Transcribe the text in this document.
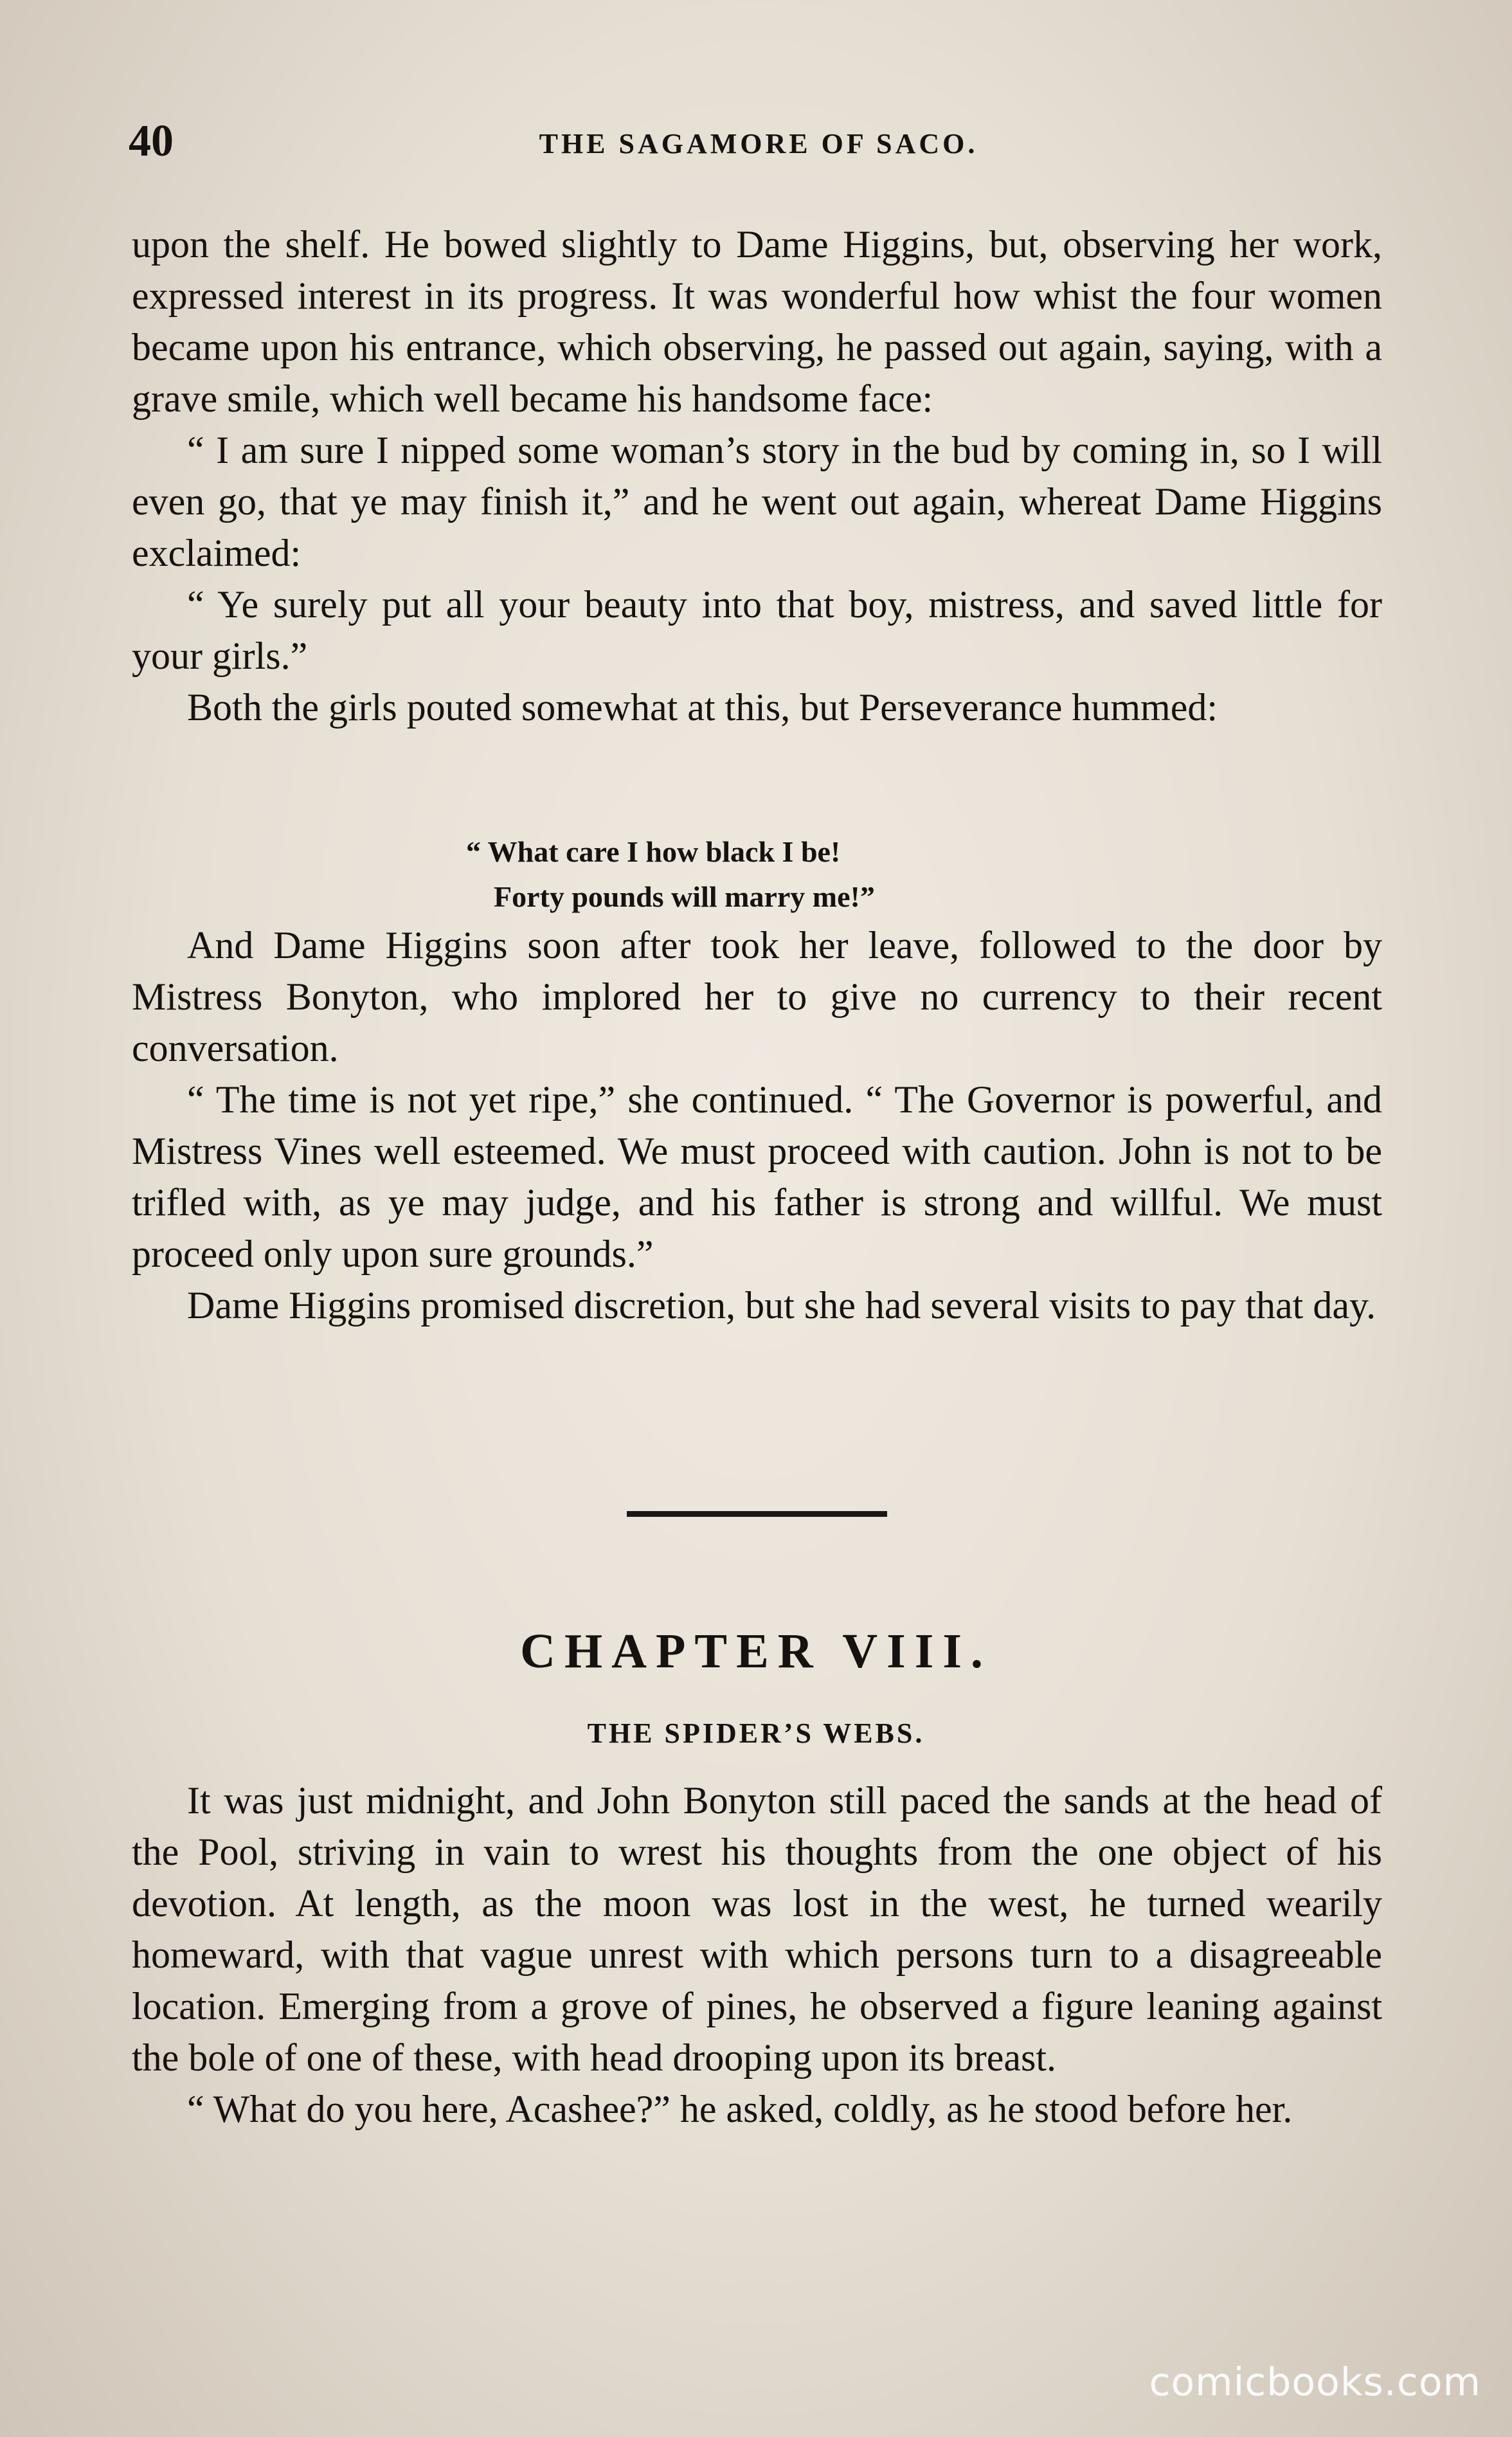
40	THE SAGAMORE OF SACO.

upon the shelf. He bowed slightly to Dame Higgins, but, observing her work, expressed interest in its progress. It was wonderful how whist the four women became upon his entrance, which observing, he passed out again, saying, with a grave smile, which well became his handsome face:

“ I am sure I nipped some woman’s story in the bud by coming in, so I will even go, that ye may finish it,” and he went out again, whereat Dame Higgins exclaimed:

“ Ye surely put all your beauty into that boy, mistress, and saved little for your girls.”

Both the girls pouted somewhat at this, but Perseverance hummed:

“ What care I how black I be!
Forty pounds will marry me!”

And Dame Higgins soon after took her leave, followed to the door by Mistress Bonyton, who implored her to give no currency to their recent conversation.

“ The time is not yet ripe,” she continued. “ The Governor is powerful, and Mistress Vines well esteemed. We must proceed with caution. John is not to be trifled with, as ye may judge, and his father is strong and willful. We must proceed only upon sure grounds.”

Dame Higgins promised discretion, but she had several visits to pay that day.

CHAPTER VIII.
THE SPIDER’S WEBS.

It was just midnight, and John Bonyton still paced the sands at the head of the Pool, striving in vain to wrest his thoughts from the one object of his devotion. At length, as the moon was lost in the west, he turned wearily homeward, with that vague unrest with which persons turn to a disagreeable location. Emerging from a grove of pines, he observed a figure leaning against the bole of one of these, with head drooping upon its breast.

“ What do you here, Acashee?” he asked, coldly, as he stood before her.

comicbooks.com
